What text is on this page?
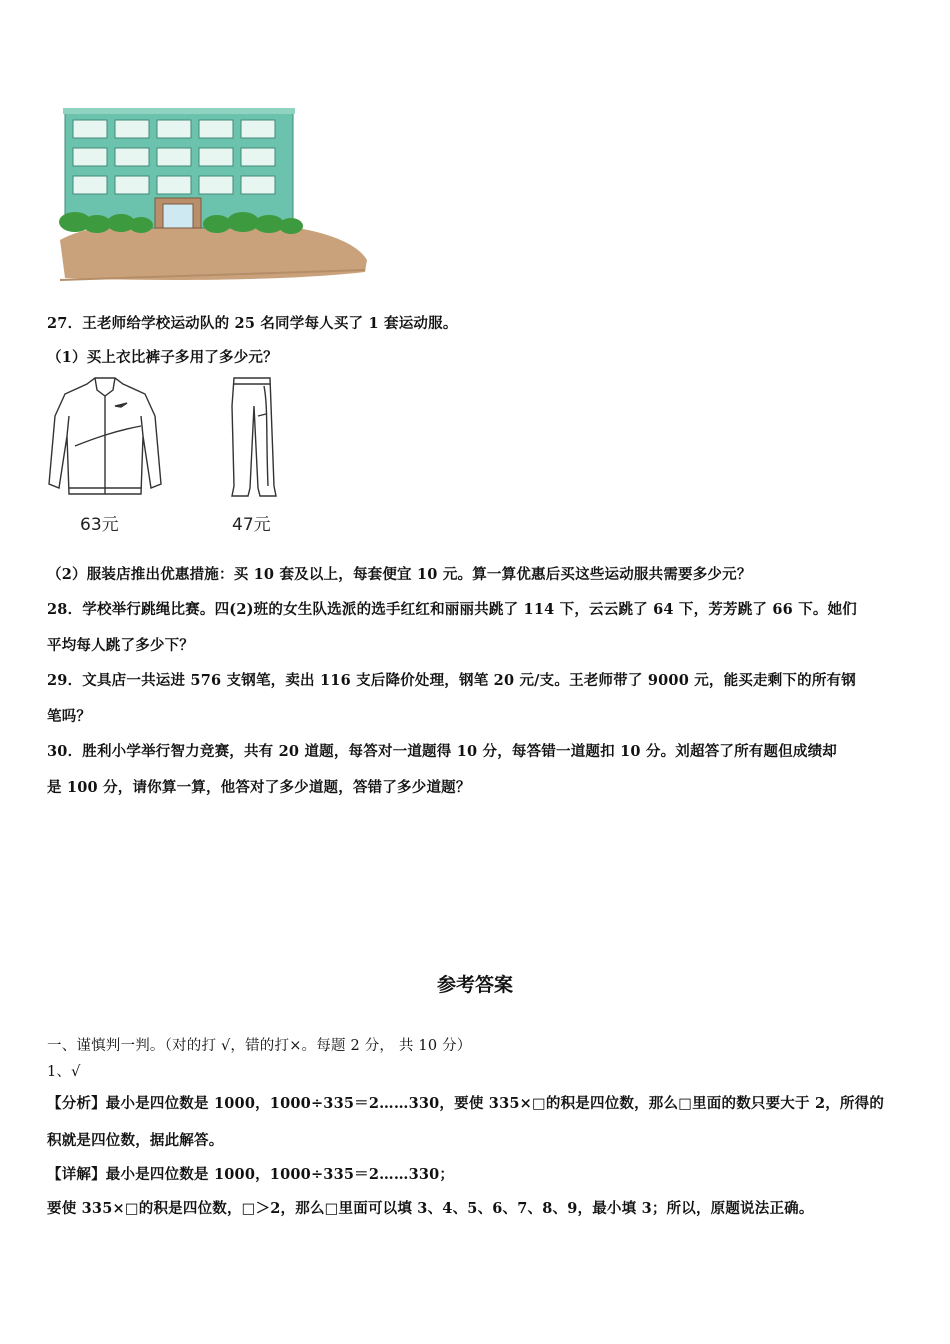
27．王老师给学校运动队的 25 名同学每人买了 1 套运动服。
（1）买上衣比裤子多用了多少元？
63元	47元
（2）服装店推出优惠措施：买 10 套及以上，每套便宜 10 元。算一算优惠后买这些运动服共需要多少元？
28．学校举行跳绳比赛。四(2)班的女生队选派的选手红红和丽丽共跳了 114 下，云云跳了 64 下，芳芳跳了 66 下。她们
平均每人跳了多少下？
29．文具店一共运进 576 支钢笔，卖出 116 支后降价处理，钢笔 20 元/支。王老师带了 9000 元，能买走剩下的所有钢
笔吗？
30．胜利小学举行智力竞赛，共有 20 道题，每答对一道题得 10 分，每答错一道题扣 10 分。刘超答了所有题但成绩却
是 100 分，请你算一算，他答对了多少道题，答错了多少道题？
参考答案
一、谨慎判一判。（对的打 √，错的打×。每题 2 分， 共 10 分）
1、√
【分析】最小是四位数是 1000，1000÷335＝2……330，要使 335×□的积是四位数，那么□里面的数只要大于 2，所得的
积就是四位数，据此解答。
【详解】最小是四位数是 1000，1000÷335＝2……330；
要使 335×□的积是四位数，□＞2，那么□里面可以填 3、4、5、6、7、8、9，最小填 3；所以，原题说法正确。
